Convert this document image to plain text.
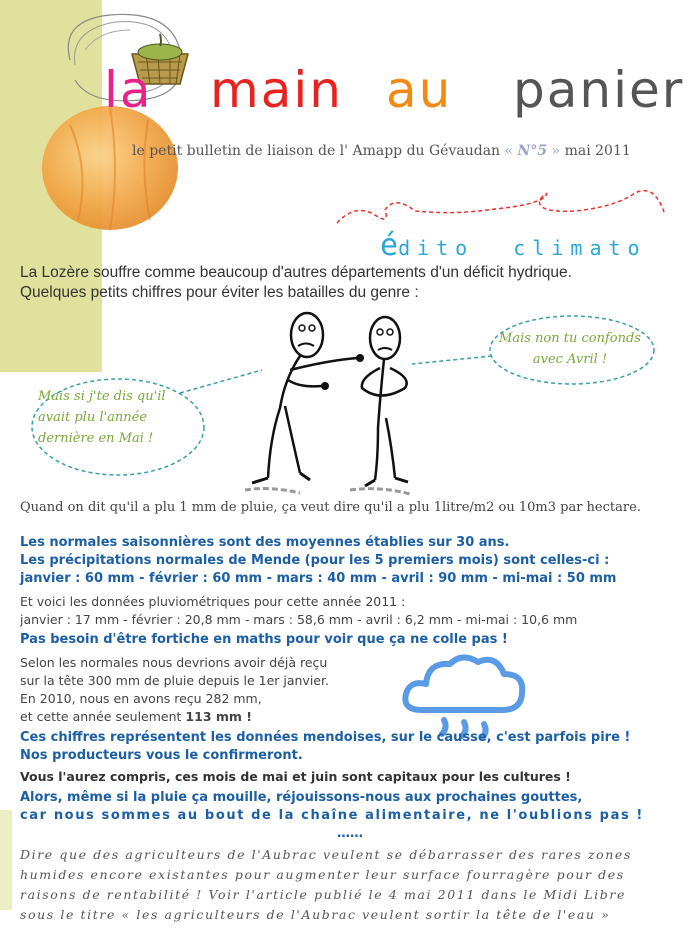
la main au panier
le petit bulletin de liaison de l' Amapp du Gévaudan « N°5 » mai 2011
édito climato
La Lozère souffre comme beaucoup d'autres départements d'un déficit hydrique.
Quelques petits chiffres pour éviter les batailles du genre :
Mais si j'te dis qu'il
avait plu l'année
dernière en Mai !
Mais non tu confonds
avec Avril !
Quand on dit qu'il a plu 1 mm de pluie, ça veut dire qu'il a plu 1litre/m2 ou 10m3 par hectare.
Les normales saisonnières sont des moyennes établies sur 30 ans.
Les précipitations normales de Mende (pour les 5 premiers mois) sont celles-ci :
janvier : 60 mm - février : 60 mm - mars : 40 mm - avril : 90 mm - mi-mai : 50 mm
Et voici les données pluviométriques pour cette année 2011 :
janvier : 17 mm - février : 20,8 mm - mars : 58,6 mm - avril : 6,2 mm - mi-mai : 10,6 mm
Pas besoin d'être fortiche en maths pour voir que ça ne colle pas !
Selon les normales nous devrions avoir déjà reçu
sur la tête 300 mm de pluie depuis le 1er janvier.
En 2010, nous en avons reçu 282 mm,
et cette année seulement 113 mm !
Ces chiffres représentent les données mendoises, sur le causse, c'est parfois pire !
Nos producteurs vous le confirmeront.
Vous l'aurez compris, ces mois de mai et juin sont capitaux pour les cultures !
Alors, même si la pluie ça mouille, réjouissons-nous aux prochaines gouttes,
car nous sommes au bout de la chaîne alimentaire, ne l'oublions pas !
……
Dire que des agriculteurs de l'Aubrac veulent se débarrasser des rares zones
humides encore existantes pour augmenter leur surface fourragère pour des
raisons de rentabilité ! Voir l'article publié le 4 mai 2011 dans le Midi Libre
sous le titre « les agriculteurs de l'Aubrac veulent sortir la tête de l'eau »
